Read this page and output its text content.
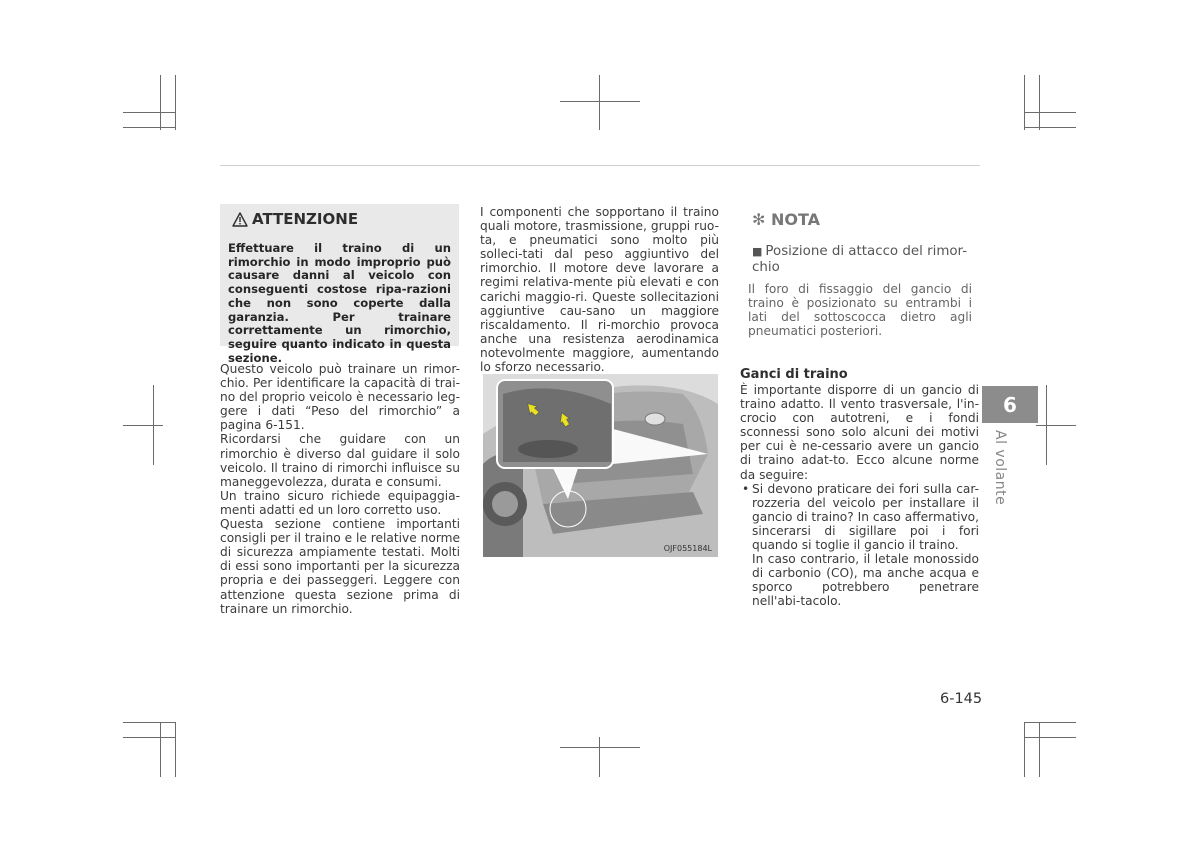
ATTENZIONE
Effettuare il traino di un rimorchio in modo improprio può causare danni al veicolo con conseguenti costose ripa-razioni che non sono coperte dalla garanzia. Per trainare correttamente un rimorchio, seguire quanto indicato in questa sezione.

Questo veicolo può trainare un rimor-chio. Per identificare la capacità di trai-no del proprio veicolo è necessario leg-gere i dati “Peso del rimorchio” a pagina 6-151.

Ricordarsi che guidare con un rimorchio è diverso dal guidare il solo veicolo. Il traino di rimorchi influisce su maneggevolezza, durata e consumi.

Un traino sicuro richiede equipaggia-menti adatti ed un loro corretto uso.

Questa sezione contiene importanti consigli per il traino e le relative norme di sicurezza ampiamente testati. Molti di essi sono importanti per la sicurezza propria e dei passeggeri. Leggere con attenzione questa sezione prima di trainare un rimorchio.

I componenti che sopportano il traino quali motore, trasmissione, gruppi ruo-ta, e pneumatici sono molto più solleci-tati dal peso aggiuntivo del rimorchio. Il motore deve lavorare a regimi relativa-mente più elevati e con carichi maggio-ri. Queste sollecitazioni aggiuntive cau-sano un maggiore riscaldamento. Il ri-morchio provoca anche una resistenza aerodinamica notevolmente maggiore, aumentando lo sforzo necessario.

OJF055184L
✻ NOTA
■ Posizione di attacco del rimor-chio
Il foro di fissaggio del gancio di traino è posizionato su entrambi i lati del sottoscocca dietro agli pneumatici posteriori.
Ganci di traino

È importante disporre di un gancio di traino adatto. Il vento trasversale, l'in-crocio con autotreni, e i fondi sconnessi sono solo alcuni dei motivi per cui è ne-cessario avere un gancio di traino adat-to. Ecco alcune norme da seguire:

• Si devono praticare dei fori sulla car-rozzeria del veicolo per installare il gancio di traino? In caso affermativo, sincerarsi di sigillare poi i fori quando si toglie il gancio il traino.

In caso contrario, il letale monossido di carbonio (CO), ma anche acqua e sporco potrebbero penetrare nell'abi-tacolo.

6
Al volante
6-145
